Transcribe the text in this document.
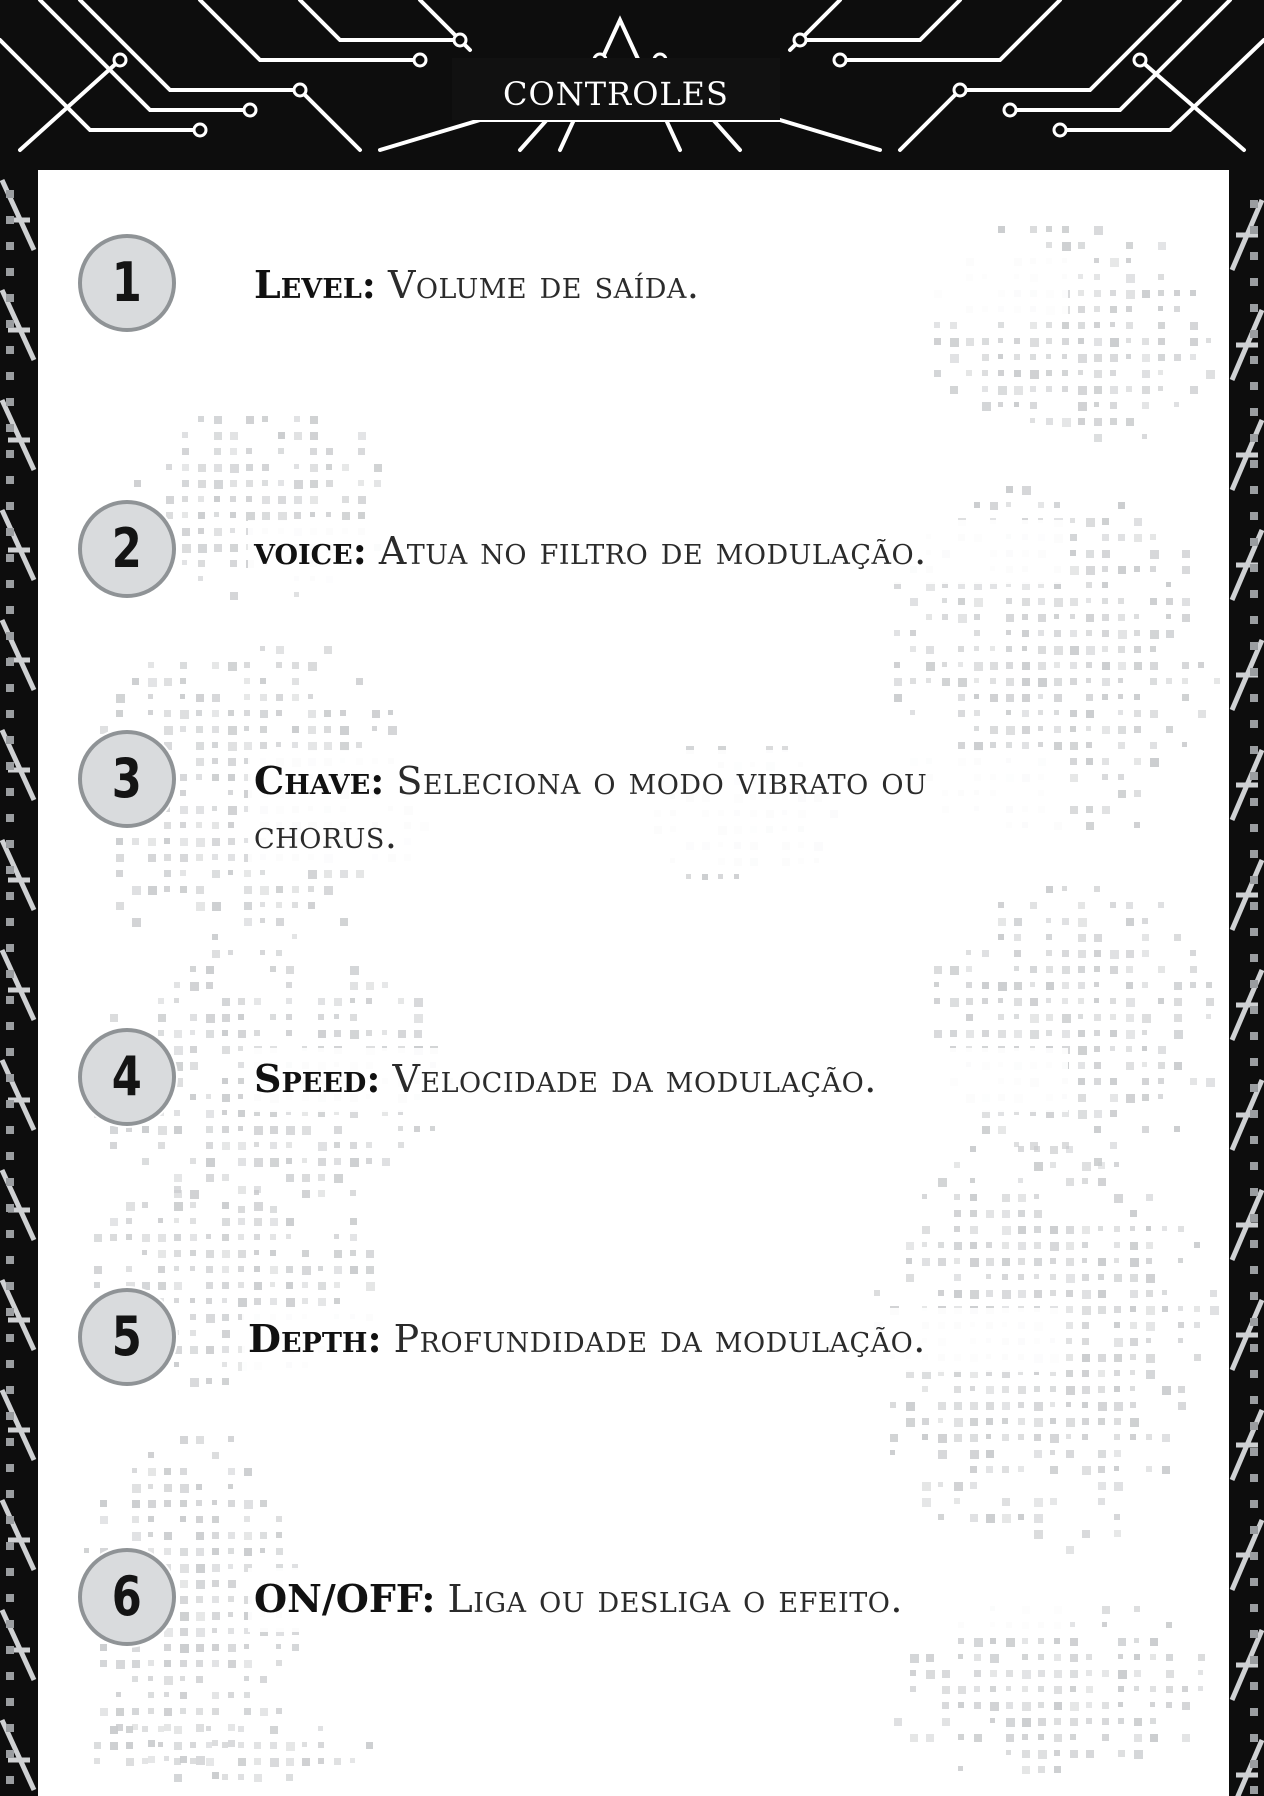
controles
1	Level: Volume de saída.
2	voice: Atua no filtro de modulação.
3	Chave: Seleciona o modo vibrato ou chorus.
4	Speed: Velocidade da modulação.
5	Depth: Profundidade da modulação.
6	ON/OFF: Liga ou desliga o efeito.
